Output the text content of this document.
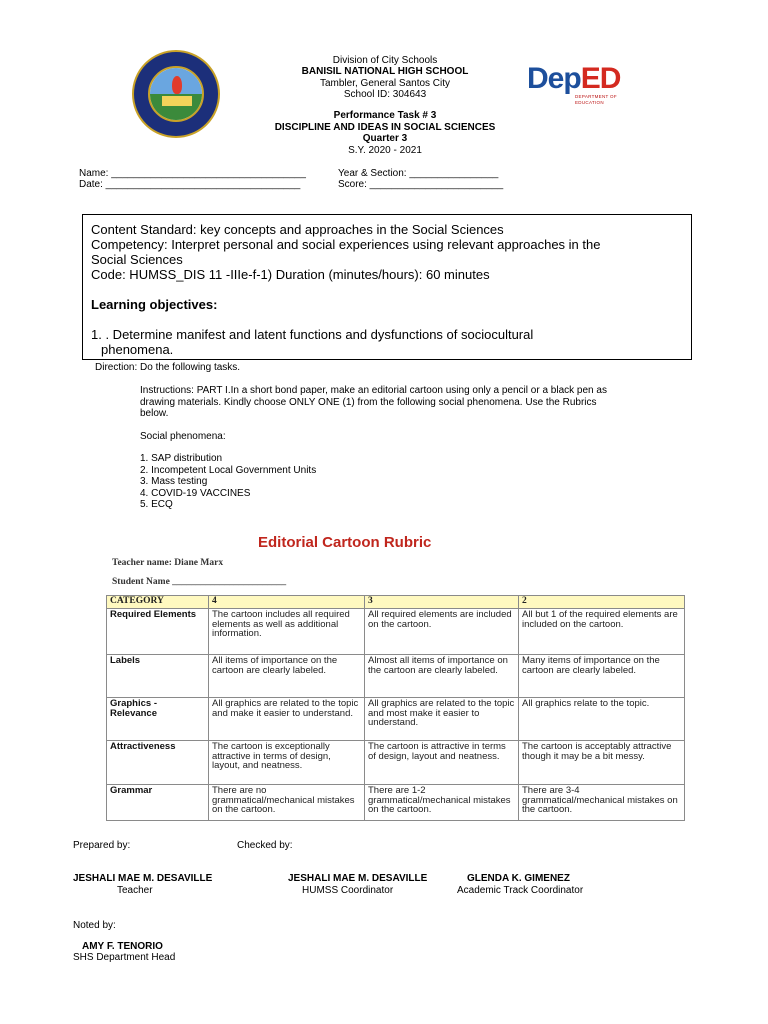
DepED
DEPARTMENT OF EDUCATION
Division of City Schools
BANISIL NATIONAL HIGH SCHOOL
Tambler, General Santos City
School ID: 304643
Performance Task # 3
DISCIPLINE AND IDEAS IN SOCIAL SCIENCES
Quarter 3
S.Y. 2020 - 2021
Name: ___________________________________
Date: ___________________________________
Year & Section: ________________
Score: ________________________
Content Standard: key concepts and approaches in the Social Sciences
Competency: Interpret personal and social experiences using relevant approaches in the
Social Sciences
Code: HUMSS_DIS 11 -IIIe-f-1) Duration (minutes/hours): 60 minutes
Learning objectives:
1. . Determine manifest and latent functions and dysfunctions of sociocultural
phenomena.
Direction: Do the following tasks.
Instructions: PART I.In a short bond paper, make an editorial cartoon using only a pencil or a black pen as
drawing materials. Kindly choose ONLY ONE (1) from the following social phenomena. Use the Rubrics
below.
Social phenomena:
1. SAP distribution
2. Incompetent Local Government Units
3. Mass testing
4. COVID-19 VACCINES
5. ECQ
Editorial Cartoon Rubric
Teacher name: Diane Marx
Student Name ________________________
CATEGORY	4	3	2
Required Elements	The cartoon includes all required elements as well as additional information.	All required elements are included on the cartoon.	All but 1 of the required elements are included on the cartoon.
Labels	All items of importance on the cartoon are clearly labeled.	Almost all items of importance on the cartoon are clearly labeled.	Many items of importance on the cartoon are clearly labeled.
Graphics - Relevance	All graphics are related to the topic and make it easier to understand.	All graphics are related to the topic and most make it easier to understand.	All graphics relate to the topic.
Attractiveness	The cartoon is exceptionally attractive in terms of design, layout, and neatness.	The cartoon is attractive in terms of design, layout and neatness.	The cartoon is acceptably attractive though it may be a bit messy.
Grammar	There are no grammatical/mechanical mistakes on the cartoon.	There are 1-2 grammatical/mechanical mistakes on the cartoon.	There are 3-4 grammatical/mechanical mistakes on the cartoon.
Prepared by:	Checked by:
JESHALI MAE M. DESAVILLE
Teacher
JESHALI MAE M. DESAVILLE
HUMSS Coordinator
GLENDA K. GIMENEZ
Academic Track Coordinator
Noted by:
AMY F. TENORIO
SHS Department Head
